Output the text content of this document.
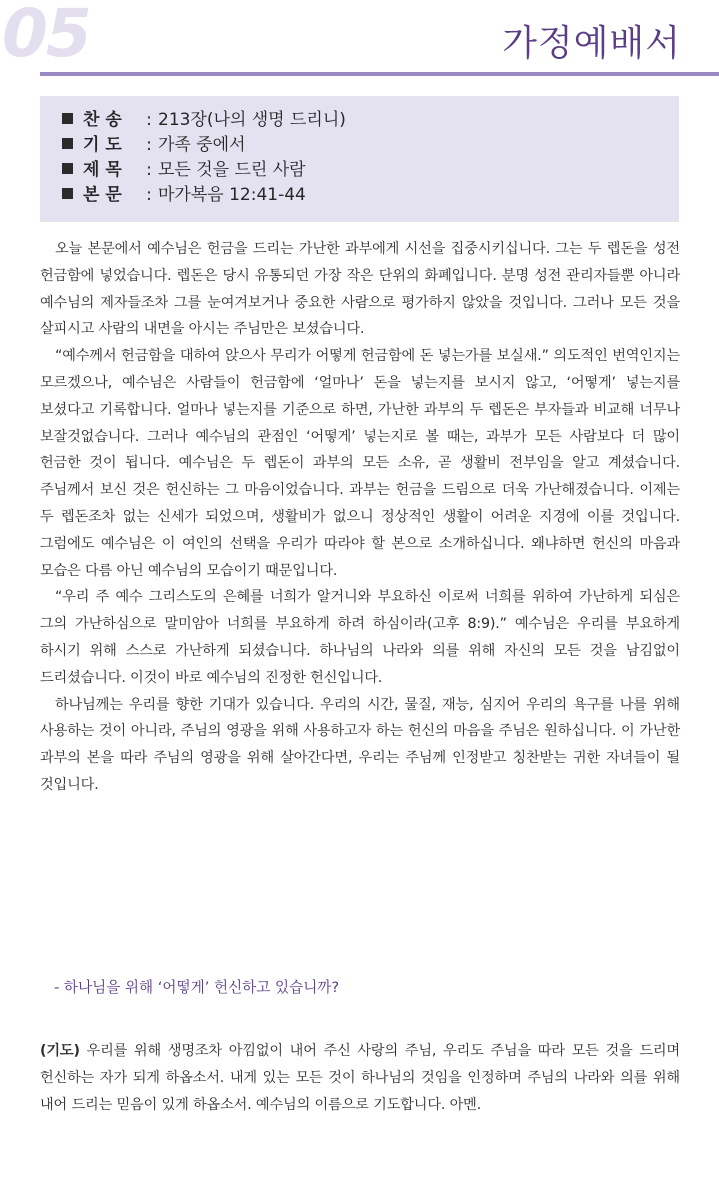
05	가정예배서
찬 송 : 213장(나의 생명 드리니)
기 도 : 가족 중에서
제 목 : 모든 것을 드린 사람
본 문 : 마가복음 12:41-44

오늘 본문에서 예수님은 헌금을 드리는 가난한 과부에게 시선을 집중시키십니다. 그는 두 렙돈을 성전 헌금함에 넣었습니다. 렙돈은 당시 유통되던 가장 작은 단위의 화폐입니다. 분명 성전 관리자들뿐 아니라 예수님의 제자들조차 그를 눈여겨보거나 중요한 사람으로 평가하지 않았을 것입니다. 그러나 모든 것을 살피시고 사람의 내면을 아시는 주님만은 보셨습니다.

“예수께서 헌금함을 대하여 앉으사 무리가 어떻게 헌금함에 돈 넣는가를 보실새.” 의도적인 번역인지는 모르겠으나, 예수님은 사람들이 헌금함에 ‘얼마나’ 돈을 넣는지를 보시지 않고, ‘어떻게’ 넣는지를 보셨다고 기록합니다. 얼마나 넣는지를 기준으로 하면, 가난한 과부의 두 렙돈은 부자들과 비교해 너무나 보잘것없습니다. 그러나 예수님의 관점인 ‘어떻게’ 넣는지로 볼 때는, 과부가 모든 사람보다 더 많이 헌금한 것이 됩니다. 예수님은 두 렙돈이 과부의 모든 소유, 곧 생활비 전부임을 알고 계셨습니다. 주님께서 보신 것은 헌신하는 그 마음이었습니다. 과부는 헌금을 드림으로 더욱 가난해졌습니다. 이제는 두 렙돈조차 없는 신세가 되었으며, 생활비가 없으니 정상적인 생활이 어려운 지경에 이를 것입니다. 그럼에도 예수님은 이 여인의 선택을 우리가 따라야 할 본으로 소개하십니다. 왜냐하면 헌신의 마음과 모습은 다름 아닌 예수님의 모습이기 때문입니다.

“우리 주 예수 그리스도의 은혜를 너희가 알거니와 부요하신 이로써 너희를 위하여 가난하게 되심은 그의 가난하심으로 말미암아 너희를 부요하게 하려 하심이라(고후 8:9).” 예수님은 우리를 부요하게 하시기 위해 스스로 가난하게 되셨습니다. 하나님의 나라와 의를 위해 자신의 모든 것을 남김없이 드리셨습니다. 이것이 바로 예수님의 진정한 헌신입니다.

하나님께는 우리를 향한 기대가 있습니다. 우리의 시간, 물질, 재능, 심지어 우리의 욕구를 나를 위해 사용하는 것이 아니라, 주님의 영광을 위해 사용하고자 하는 헌신의 마음을 주님은 원하십니다. 이 가난한 과부의 본을 따라 주님의 영광을 위해 살아간다면, 우리는 주님께 인정받고 칭찬받는 귀한 자녀들이 될 것입니다.

- 하나님을 위해 ‘어떻게’ 헌신하고 있습니까?
(기도) 우리를 위해 생명조차 아낌없이 내어 주신 사랑의 주님, 우리도 주님을 따라 모든 것을 드리며 헌신하는 자가 되게 하옵소서. 내게 있는 모든 것이 하나님의 것임을 인정하며 주님의 나라와 의를 위해 내어 드리는 믿음이 있게 하옵소서. 예수님의 이름으로 기도합니다. 아멘.
